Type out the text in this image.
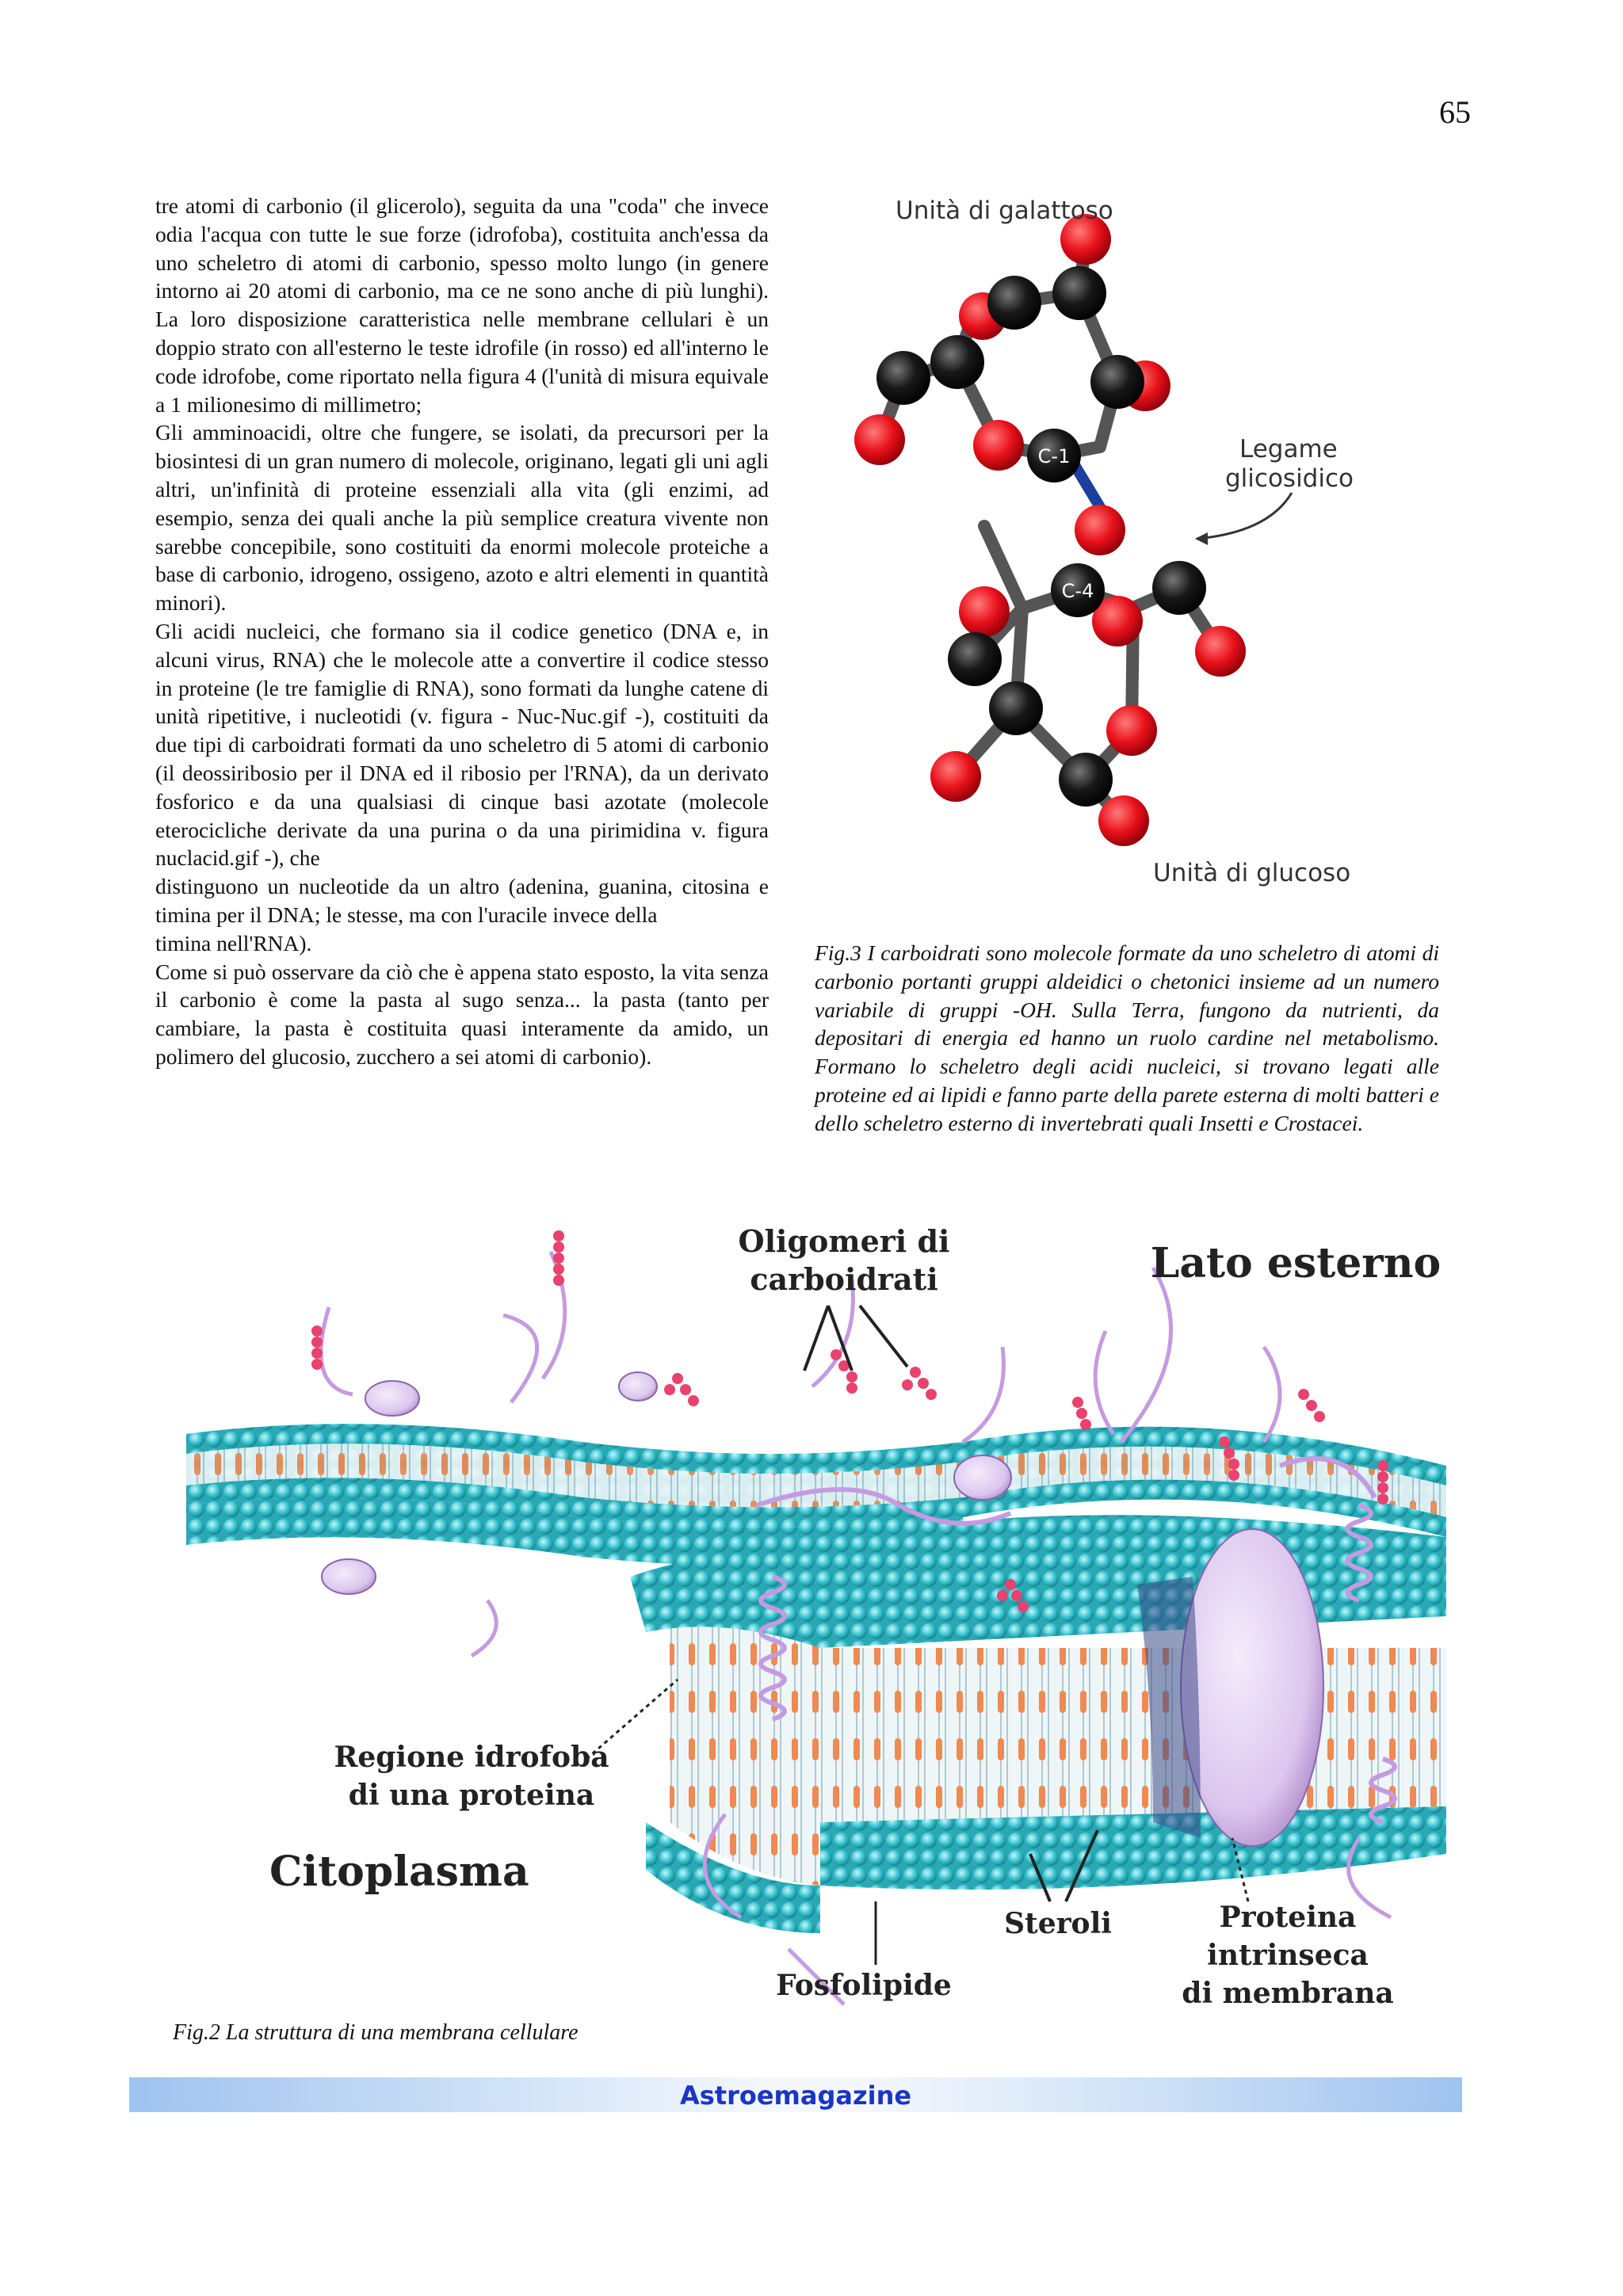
65

tre atomi di carbonio (il glicerolo), seguita da una "coda" che invece odia l'acqua con tutte le sue forze (idrofoba), costituita anch'essa da uno scheletro di atomi di carbonio, spesso molto lungo (in genere intorno ai 20 atomi di carbonio, ma ce ne sono anche di più lunghi). La loro disposizione caratteristica nelle membrane cellulari è un doppio strato con all'esterno le teste idrofile (in rosso) ed all'interno le code idrofobe, come riportato nella figura 4 (l'unità di misura equivale a 1 milionesimo di millimetro;

Gli amminoacidi, oltre che fungere, se isolati, da precursori per la biosintesi di un gran numero di molecole, originano, legati gli uni agli altri, un'infinità di proteine essenziali alla vita (gli enzimi, ad esempio, senza dei quali anche la più semplice creatura vivente non sarebbe concepibile, sono costituiti da enormi molecole proteiche a base di carbonio, idrogeno, ossigeno, azoto e altri elementi in quantità minori).

Gli acidi nucleici, che formano sia il codice genetico (DNA e, in alcuni virus, RNA) che le molecole atte a convertire il codice stesso in proteine (le tre famiglie di RNA), sono formati da lunghe catene di unità ripetitive, i nucleotidi (v. figura - Nuc-Nuc.gif -), costituiti da due tipi di carboidrati formati da uno scheletro di 5 atomi di carbonio (il deossiribosio per il DNA ed il ribosio per l'RNA), da un derivato fosforico e da una qualsiasi di cinque basi azotate (molecole eterocicliche derivate da una purina o da una pirimidina v. figura nuclacid.gif -), che

distinguono un nucleotide da un altro (adenina, guanina, citosina e timina per il DNA; le stesse, ma con l'uracile invece della

timina nell'RNA).

Come si può osservare da ciò che è appena stato esposto, la vita senza il carbonio è come la pasta al sugo senza... la pasta (tanto per cambiare, la pasta è costituita quasi interamente da amido, un polimero del glucosio, zucchero a sei atomi di carbonio).

C-1
C-4
Unità di galattoso
Legame
glicosidico
Unità di glucoso
Fig.3 I carboidrati sono molecole formate da uno scheletro di atomi di carbonio portanti gruppi aldeidici o chetonici insieme ad un numero variabile di gruppi -OH. Sulla Terra, fungono da nutrienti, da depositari di energia ed hanno un ruolo cardine nel metabolismo. Formano lo scheletro degli acidi nucleici, si trovano legati alle proteine ed ai lipidi e fanno parte della parete esterna di molti batteri e dello scheletro esterno di invertebrati quali Insetti e Crostacei.
Oligomeri di
carboidrati	Lato esterno
Regione idrofoba
di una proteina
Citoplasma
Steroli
Fosfolipide
Proteina
intrinseca
di membrana
Fig.2 La struttura di una membrana cellulare
Astroemagazine
